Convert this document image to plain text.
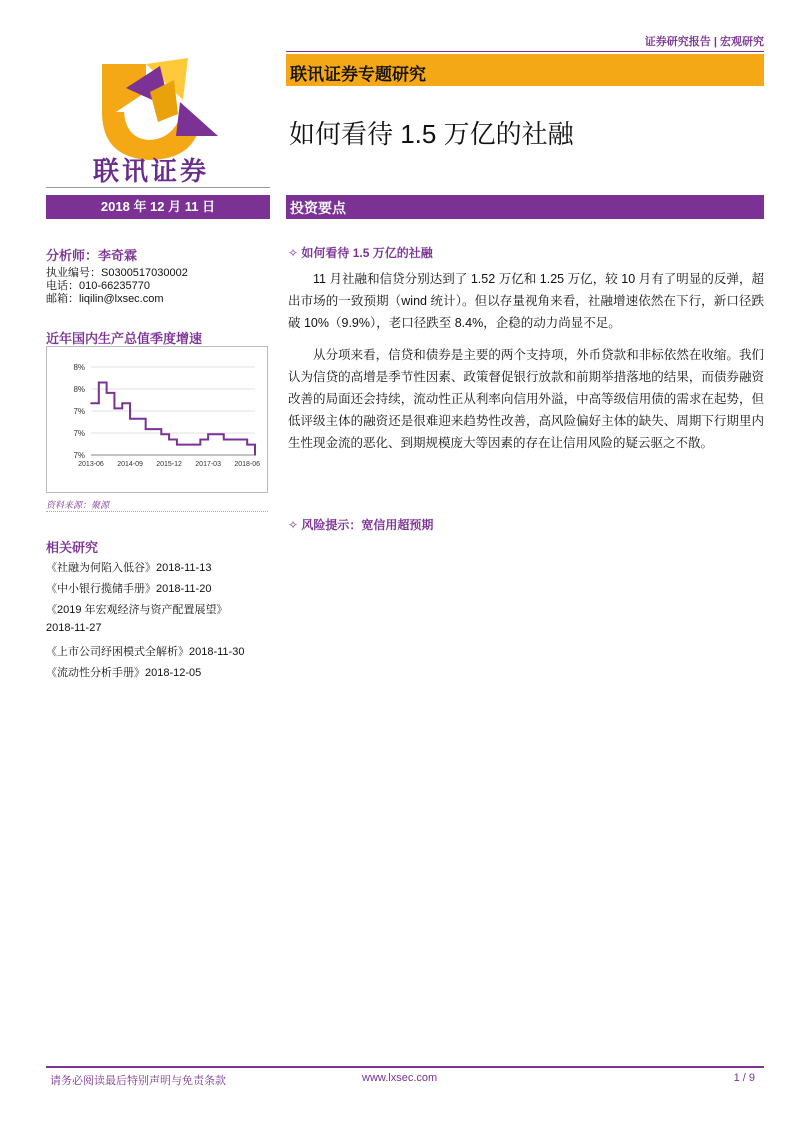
证券研究报告 | 宏观研究
联讯证券
联讯证券专题研究
如何看待 1.5 万亿的社融
2018 年 12 月 11 日	投资要点
分析师：李奇霖
执业编号：S0300517030002
电话：010-66235770
邮箱：liqilin@lxsec.com
近年国内生产总值季度增速
8%
8%
7%
7%
7%
2013-06 2014-09 2015-12 2017-03 2018-06
资料来源：聚源
相关研究
《社融为何陷入低谷》2018-11-13
《中小银行揽储手册》2018-11-20
《2019 年宏观经济与资产配置展望》
2018-11-27
《上市公司纾困模式全解析》2018-11-30
《流动性分析手册》2018-12-05
✧ 如何看待 1.5 万亿的社融

11 月社融和信贷分别达到了 1.52 万亿和 1.25 万亿，较 10 月有了明显的反弹，超出市场的一致预期（wind 统计）。但以存量视角来看，社融增速依然在下行，新口径跌破 10%（9.9%），老口径跌至 8.4%，企稳的动力尚显不足。

从分项来看，信贷和债券是主要的两个支持项，外币贷款和非标依然在收缩。我们认为信贷的高增是季节性因素、政策督促银行放款和前期举措落地的结果，而债券融资改善的局面还会持续，流动性正从利率向信用外溢，中高等级信用债的需求在起势，但低评级主体的融资还是很难迎来趋势性改善，高风险偏好主体的缺失、周期下行期里内生性现金流的恶化、到期规模庞大等因素的存在让信用风险的疑云驱之不散。

✧ 风险提示：宽信用超预期
请务必阅读最后特别声明与免责条款	www.lxsec.com	1 / 9
